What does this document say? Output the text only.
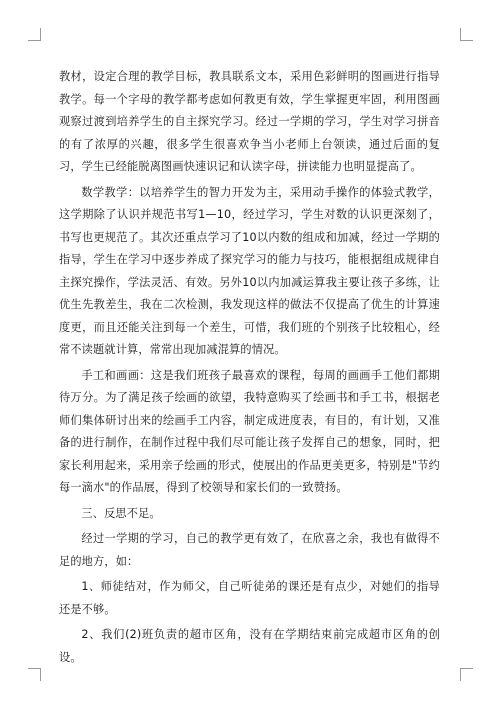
教材，设定合理的教学目标，教具联系文本，采用色彩鲜明的图画进行指导教学。每一个字母的教学都考虑如何教更有效，学生掌握更牢固，利用图画观察过渡到培养学生的自主探究学习。经过一学期的学习，学生对学习拼音的有了浓厚的兴趣，很多学生很喜欢争当小老师上台领读，通过后面的复习，学生已经能脱离图画快速识记和认读字母，拼读能力也明显提高了。

数学教学：以培养学生的智力开发为主，采用动手操作的体验式教学，这学期除了认识并规范书写1—10，经过学习，学生对数的认识更深刻了，书写也更规范了。其次还重点学习了10以内数的组成和加减，经过一学期的指导，学生在学习中逐步养成了探究学习的能力与技巧，能根据组成规律自主探究操作，学法灵活、有效。另外10以内加减运算我主要让孩子多练，让优生先教差生，我在二次检测，我发现这样的做法不仅提高了优生的计算速度更，而且还能关注到每一个差生，可惜，我们班的个别孩子比较粗心，经常不读题就计算，常常出现加减混算的情况。

手工和画画：这是我们班孩子最喜欢的课程，每周的画画手工他们都期待万分。为了满足孩子绘画的欲望，我特意购买了绘画书和手工书，根据老师们集体研讨出来的绘画手工内容，制定成进度表，有目的，有计划，又准备的进行制作，在制作过程中我们尽可能让孩子发挥自己的想象，同时，把家长利用起来，采用亲子绘画的形式，使展出的作品更美更多，特别是"节约每一滴水"的作品展，得到了校领导和家长们的一致赞扬。

三、反思不足。

经过一学期的学习，自己的教学更有效了，在欣喜之余，我也有做得不足的地方，如：

1、师徒结对，作为师父，自己听徒弟的课还是有点少，对她们的指导还是不够。

2、我们(2)班负责的超市区角，没有在学期结束前完成超市区角的创设。
